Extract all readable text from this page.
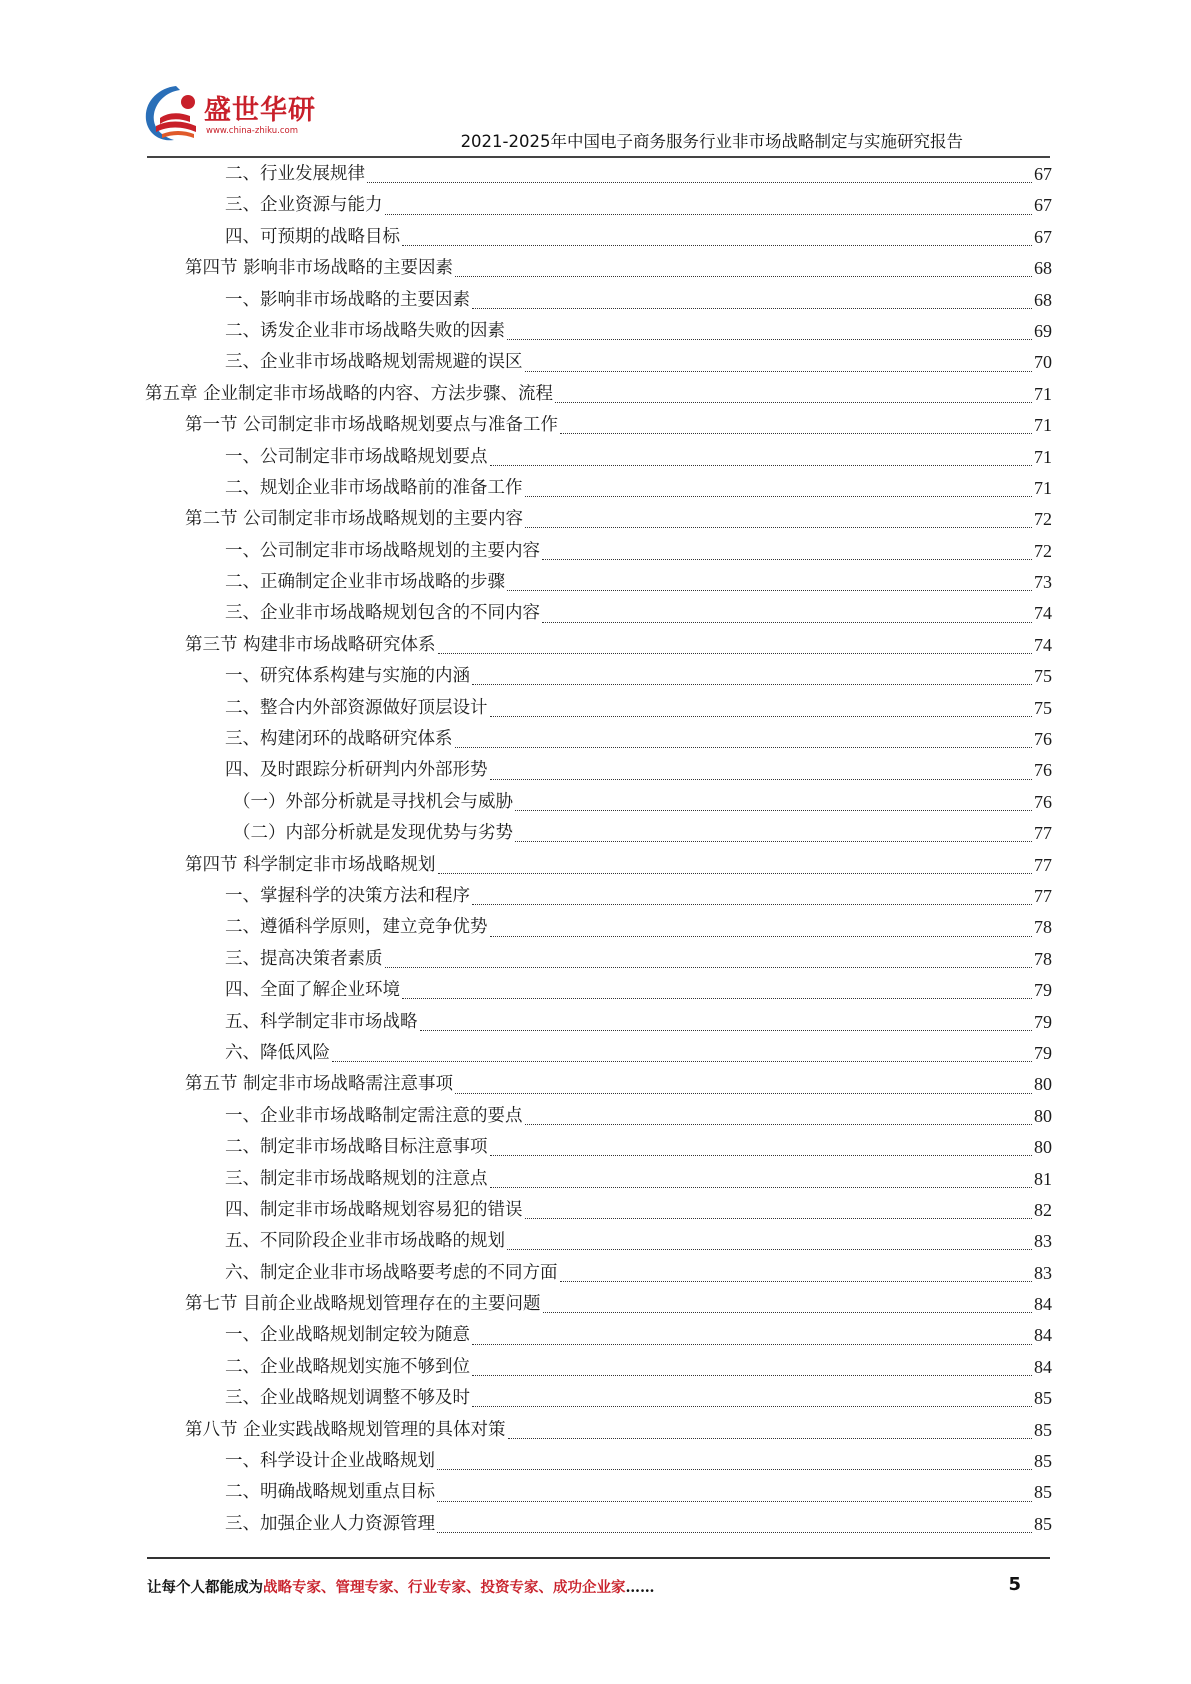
盛世华研
www.china-zhiku.com
2021-2025年中国电子商务服务行业非市场战略制定与实施研究报告
二、行业发展规律	67
三、企业资源与能力	67
四、可预期的战略目标	67
第四节 影响非市场战略的主要因素	68
一、影响非市场战略的主要因素	68
二、诱发企业非市场战略失败的因素	69
三、企业非市场战略规划需规避的误区	70
第五章 企业制定非市场战略的内容、方法步骤、流程	71
第一节 公司制定非市场战略规划要点与准备工作	71
一、公司制定非市场战略规划要点	71
二、规划企业非市场战略前的准备工作	71
第二节 公司制定非市场战略规划的主要内容	72
一、公司制定非市场战略规划的主要内容	72
二、正确制定企业非市场战略的步骤	73
三、企业非市场战略规划包含的不同内容	74
第三节 构建非市场战略研究体系	74
一、研究体系构建与实施的内涵	75
二、整合内外部资源做好顶层设计	75
三、构建闭环的战略研究体系	76
四、及时跟踪分析研判内外部形势	76
（一）外部分析就是寻找机会与威胁	76
（二）内部分析就是发现优势与劣势	77
第四节 科学制定非市场战略规划	77
一、掌握科学的决策方法和程序	77
二、遵循科学原则，建立竞争优势	78
三、提高决策者素质	78
四、全面了解企业环境	79
五、科学制定非市场战略	79
六、降低风险	79
第五节 制定非市场战略需注意事项	80
一、企业非市场战略制定需注意的要点	80
二、制定非市场战略目标注意事项	80
三、制定非市场战略规划的注意点	81
四、制定非市场战略规划容易犯的错误	82
五、不同阶段企业非市场战略的规划	83
六、制定企业非市场战略要考虑的不同方面	83
第七节 目前企业战略规划管理存在的主要问题	84
一、企业战略规划制定较为随意	84
二、企业战略规划实施不够到位	84
三、企业战略规划调整不够及时	85
第八节 企业实践战略规划管理的具体对策	85
一、科学设计企业战略规划	85
二、明确战略规划重点目标	85
三、加强企业人力资源管理	85
让每个人都能成为战略专家、管理专家、行业专家、投资专家、成功企业家……	5
